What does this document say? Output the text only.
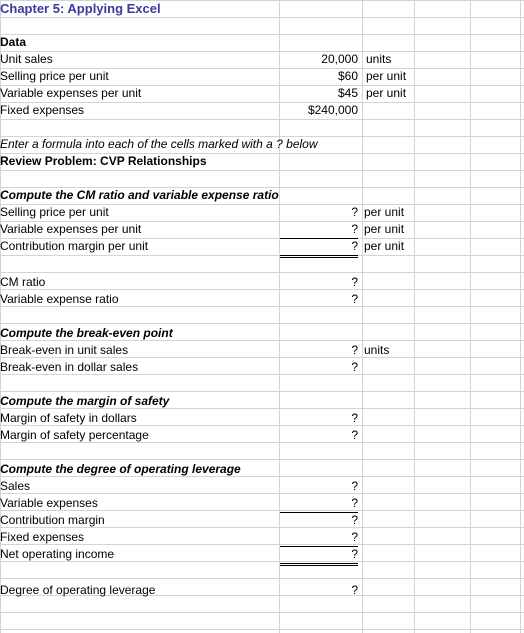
Chapter 5: Applying Excel
Data
Unit sales	20,000 units
Selling price per unit	$60 per unit
Variable expenses per unit	$45 per unit
Fixed expenses	$240,000
Enter a formula into each of the cells marked with a ? below
Review Problem: CVP Relationships
Compute the CM ratio and variable expense ratio
Selling price per unit	? per unit
Variable expenses per unit	? per unit
Contribution margin per unit	? per unit
CM ratio	?
Variable expense ratio	?
Compute the break-even point
Break-even in unit sales	? units
Break-even in dollar sales	?
Compute the margin of safety
Margin of safety in dollars	?
Margin of safety percentage	?
Compute the degree of operating leverage
Sales	?
Variable expenses	?
Contribution margin	?
Fixed expenses	?
Net operating income	?
Degree of operating leverage	?
